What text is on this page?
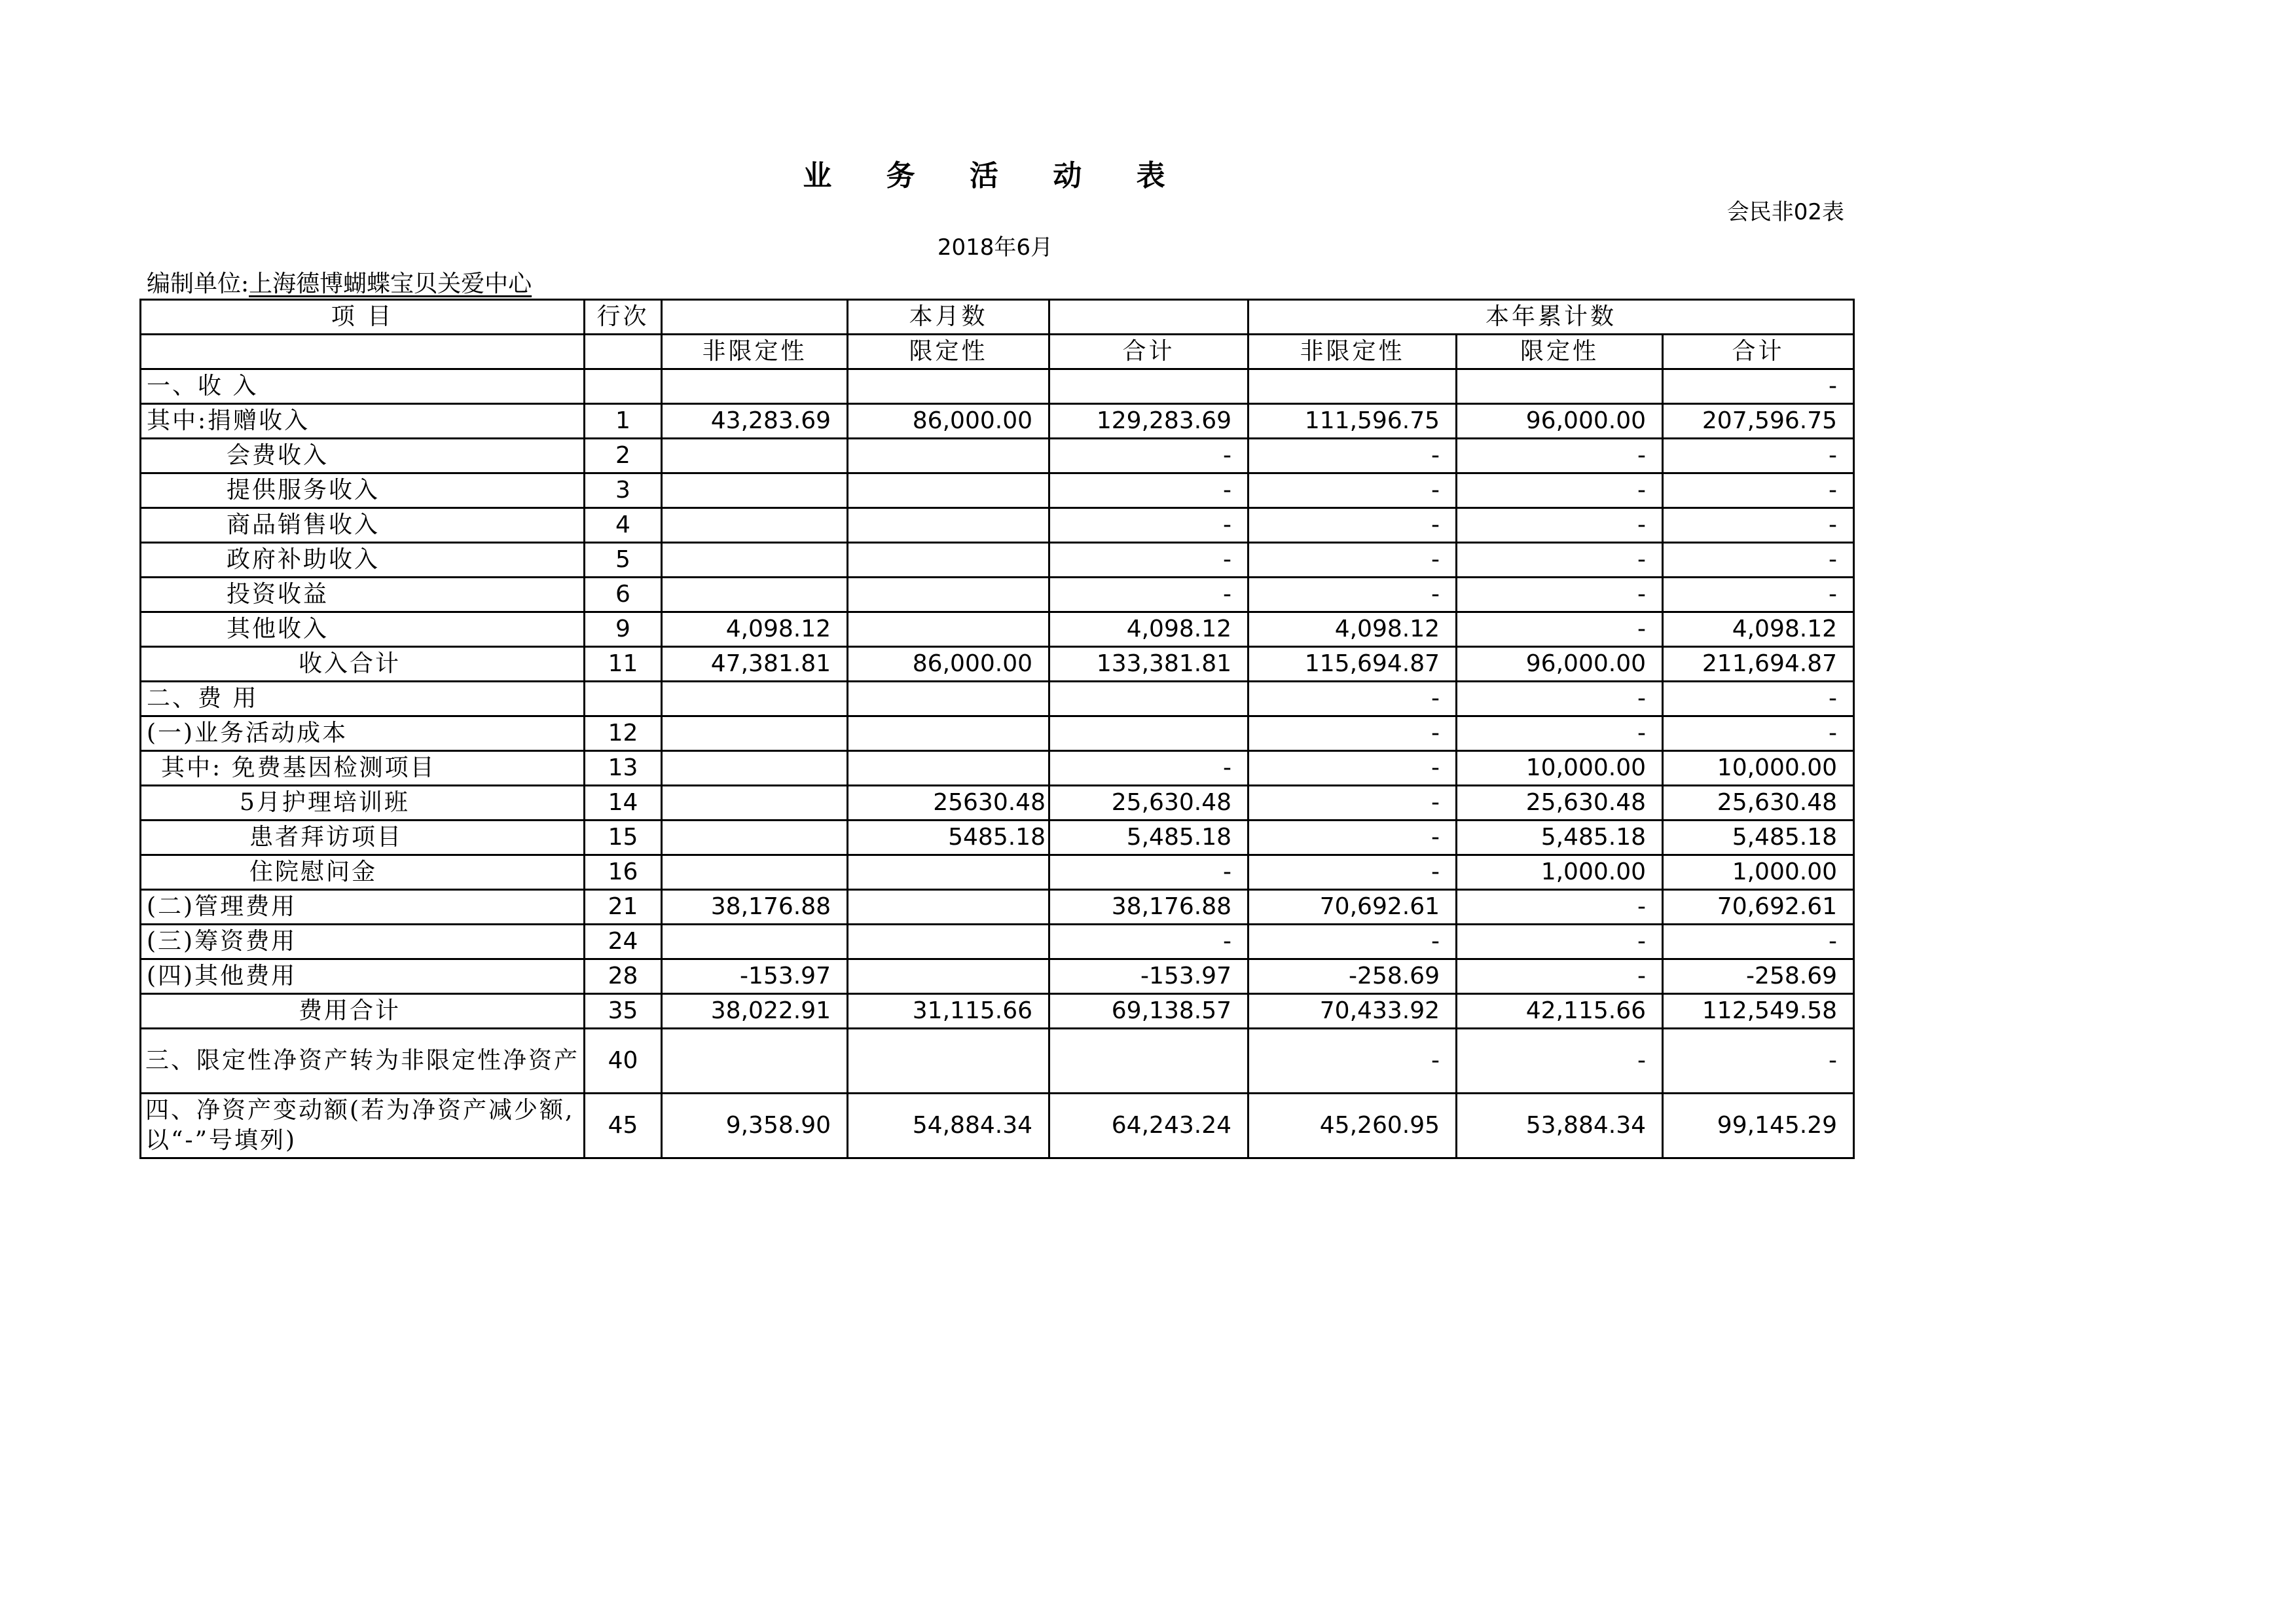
业 务 活 动 表
会民非02表
2018年6月
编制单位:上海德博蝴蝶宝贝关爱中心
项 目	行次		本月数		本年累计数		
		非限定性	限定性	合计	非限定性	限定性	合计
一、收 入							-
其中:捐赠收入	1	43,283.69	86,000.00	129,283.69	111,596.75	96,000.00	207,596.75
会费收入	2			-	-	-	-
提供服务收入	3			-	-	-	-
商品销售收入	4			-	-	-	-
政府补助收入	5			-	-	-	-
投资收益	6			-	-	-	-
其他收入	9	4,098.12		4,098.12	4,098.12	-	4,098.12
收入合计	11	47,381.81	86,000.00	133,381.81	115,694.87	96,000.00	211,694.87
二、费 用					-	-	-
(一)业务活动成本	12				-	-	-
其中: 免费基因检测项目	13			-	-	10,000.00	10,000.00
5月护理培训班	14		25630.48	25,630.48	-	25,630.48	25,630.48
患者拜访项目	15		5485.18	5,485.18	-	5,485.18	5,485.18
住院慰问金	16			-	-	1,000.00	1,000.00
(二)管理费用	21	38,176.88		38,176.88	70,692.61	-	70,692.61
(三)筹资费用	24			-	-	-	-
(四)其他费用	28	-153.97		-153.97	-258.69	-	-258.69
费用合计	35	38,022.91	31,115.66	69,138.57	70,433.92	42,115.66	112,549.58
三、限定性净资产转为非限定性净资产	40				-	-	-
四、净资产变动额(若为净资产减少额,以“-”号填列)	45	9,358.90	54,884.34	64,243.24	45,260.95	53,884.34	99,145.29
